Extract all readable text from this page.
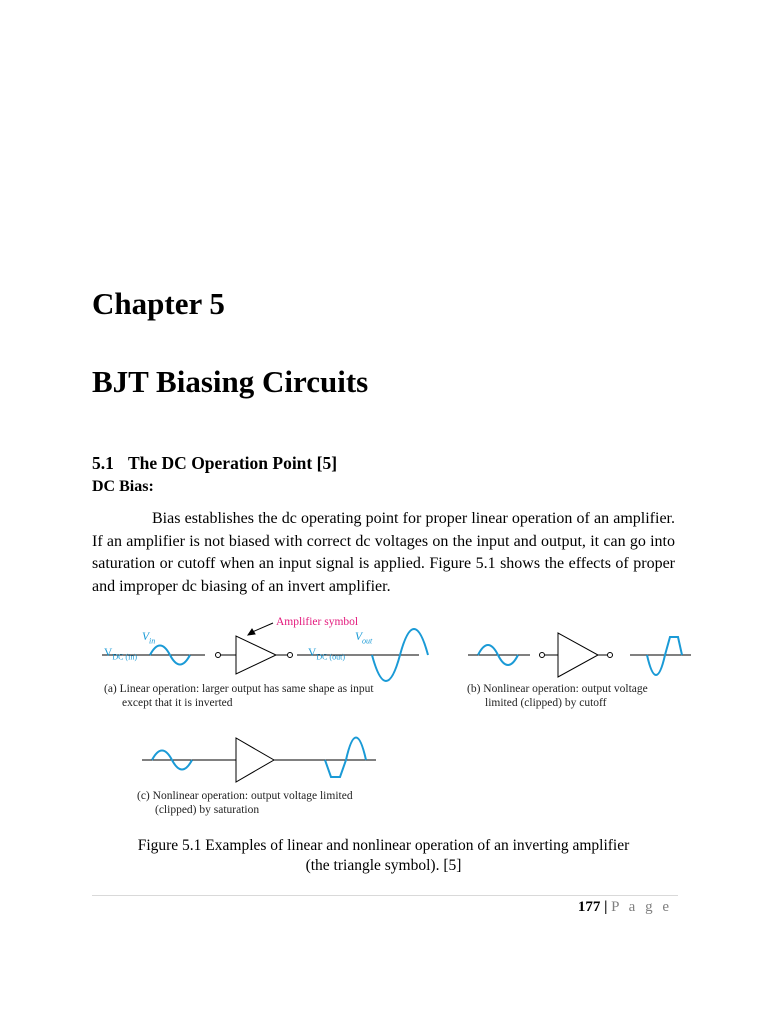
Chapter 5
BJT Biasing Circuits
5.1 The DC Operation Point [5]
DC Bias:

Bias establishes the dc operating point for proper linear operation of an amplifier. If an amplifier is not biased with correct dc voltages on the input and output, it can go into saturation or cutoff when an input signal is applied. Figure 5.1 shows the effects of proper and improper dc biasing of an invert amplifier.

Amplifier symbol
$V_{in}$	$V_{out}$
$V_{DC (in)}$	$V_{DC (out)}$
(a) Linear operation: larger output has same shape as input
except that it is inverted
(b) Nonlinear operation: output voltage
limited (clipped) by cutoff
(c) Nonlinear operation: output voltage limited
(clipped) by saturation

Figure 5.1 Examples of linear and nonlinear operation of an inverting amplifier
(the triangle symbol). [5]

177 | P a g e
